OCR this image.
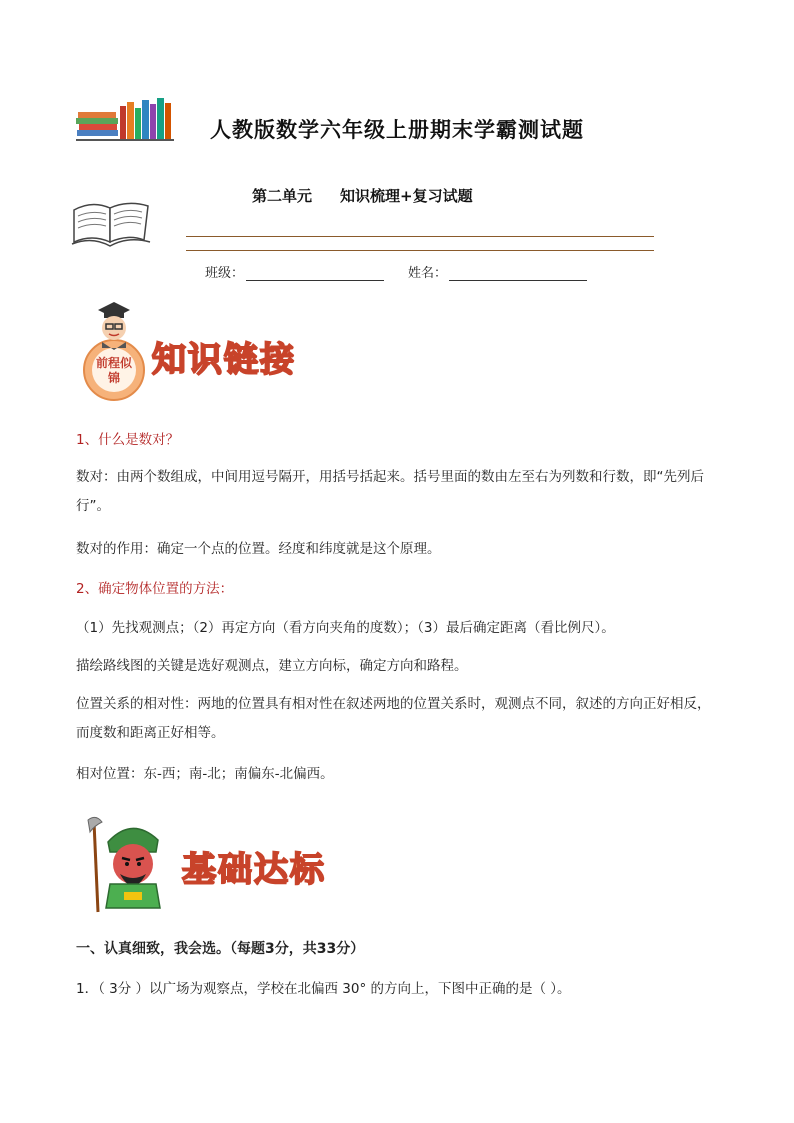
人教版数学六年级上册期末学霸测试题
第二单元 知识梳理+复习试题
班级：	姓名：
前程似锦 知识链接
1、什么是数对？
数对：由两个数组成，中间用逗号隔开，用括号括起来。括号里面的数由左至右为列数和行数，即“先列后行”。
数对的作用：确定一个点的位置。经度和纬度就是这个原理。
2、确定物体位置的方法：
（1）先找观测点；（2）再定方向（看方向夹角的度数）；（3）最后确定距离（看比例尺）。
描绘路线图的关键是选好观测点，建立方向标，确定方向和路程。
位置关系的相对性：两地的位置具有相对性在叙述两地的位置关系时，观测点不同，叙述的方向正好相反，而度数和距离正好相等。
相对位置：东-西；南-北；南偏东-北偏西。
基础达标
一、认真细致，我会选。（每题3分，共33分）
1．（ 3分 ）以广场为观察点，学校在北偏西 30° 的方向上，下图中正确的是（ ）。
